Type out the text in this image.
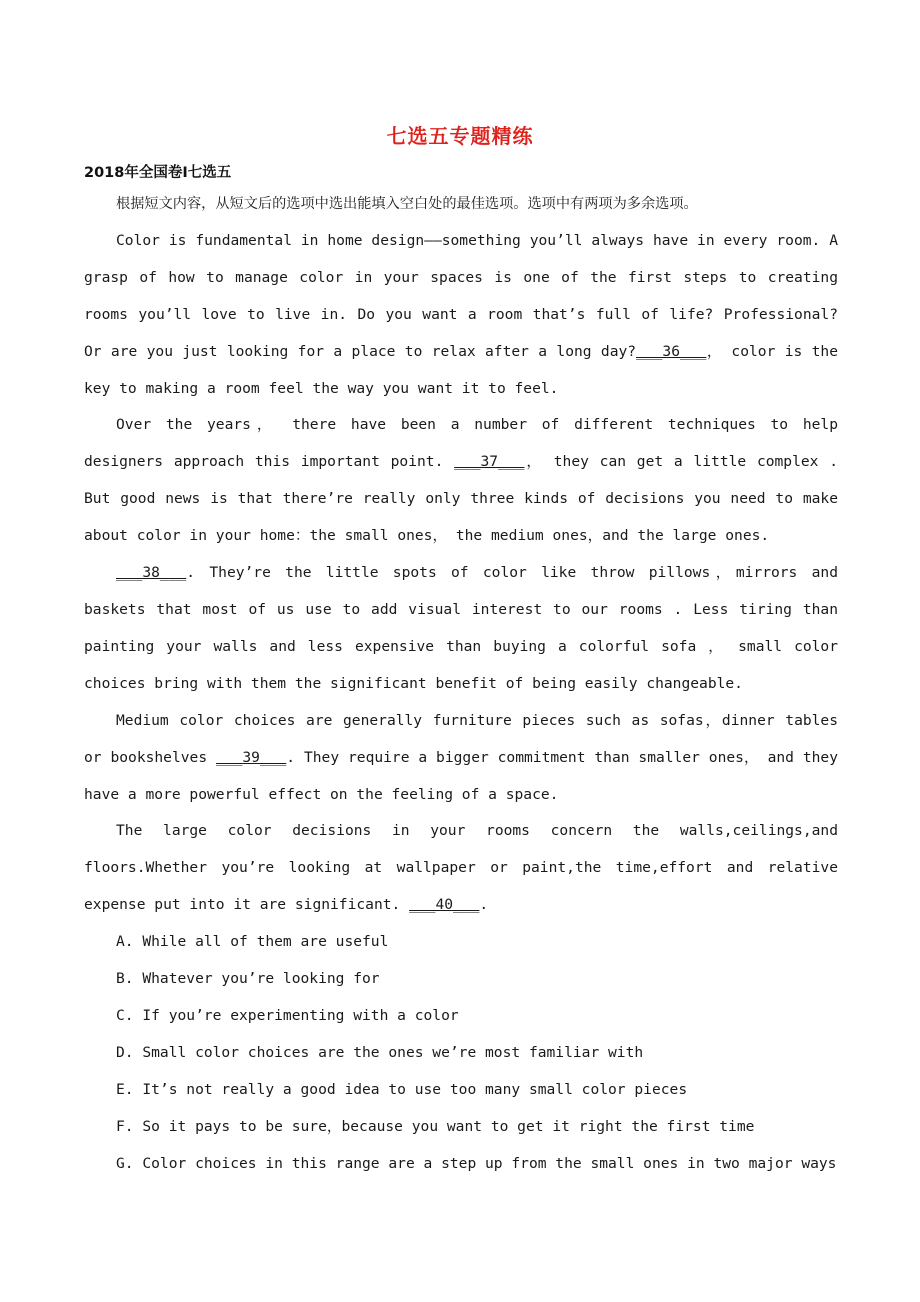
七选五专题精练
2018年全国卷Ⅰ七选五

根据短文内容，从短文后的选项中选出能填入空白处的最佳选项。选项中有两项为多余选项。

Color is fundamental in home design——something you’ll always have in every room. A grasp of how to manage color in your spaces is one of the first steps to creating rooms you’ll love to live in. Do you want a room that’s full of life? Professional? Or are you just looking for a place to relax after a long day?___36___， color is the key to making a room feel the way you want it to feel.

Over the years， there have been a number of different techniques to help designers approach this important point. ___37___， they can get a little complex . But good news is that there’re really only three kinds of decisions you need to make about color in your home：the small ones， the medium ones，and the large ones.

___38___. They’re the little spots of color like throw pillows，mirrors and baskets that most of us use to add visual interest to our rooms . Less tiring than painting your walls and less expensive than buying a colorful sofa ， small color choices bring with them the significant benefit of being easily changeable.

Medium color choices are generally furniture pieces such as sofas，dinner tables or bookshelves ___39___. They require a bigger commitment than smaller ones， and they have a more powerful effect on the feeling of a space.

The large color decisions in your rooms concern the walls,ceilings,and floors.Whether you’re looking at wallpaper or paint,the time,effort and relative expense put into it are significant. ___40___.

A. While all of them are useful

B. Whatever you’re looking for

C. If you’re experimenting with a color

D. Small color choices are the ones we’re most familiar with

E. It’s not really a good idea to use too many small color pieces

F. So it pays to be sure，because you want to get it right the first time

G. Color choices in this range are a step up from the small ones in two major ways
